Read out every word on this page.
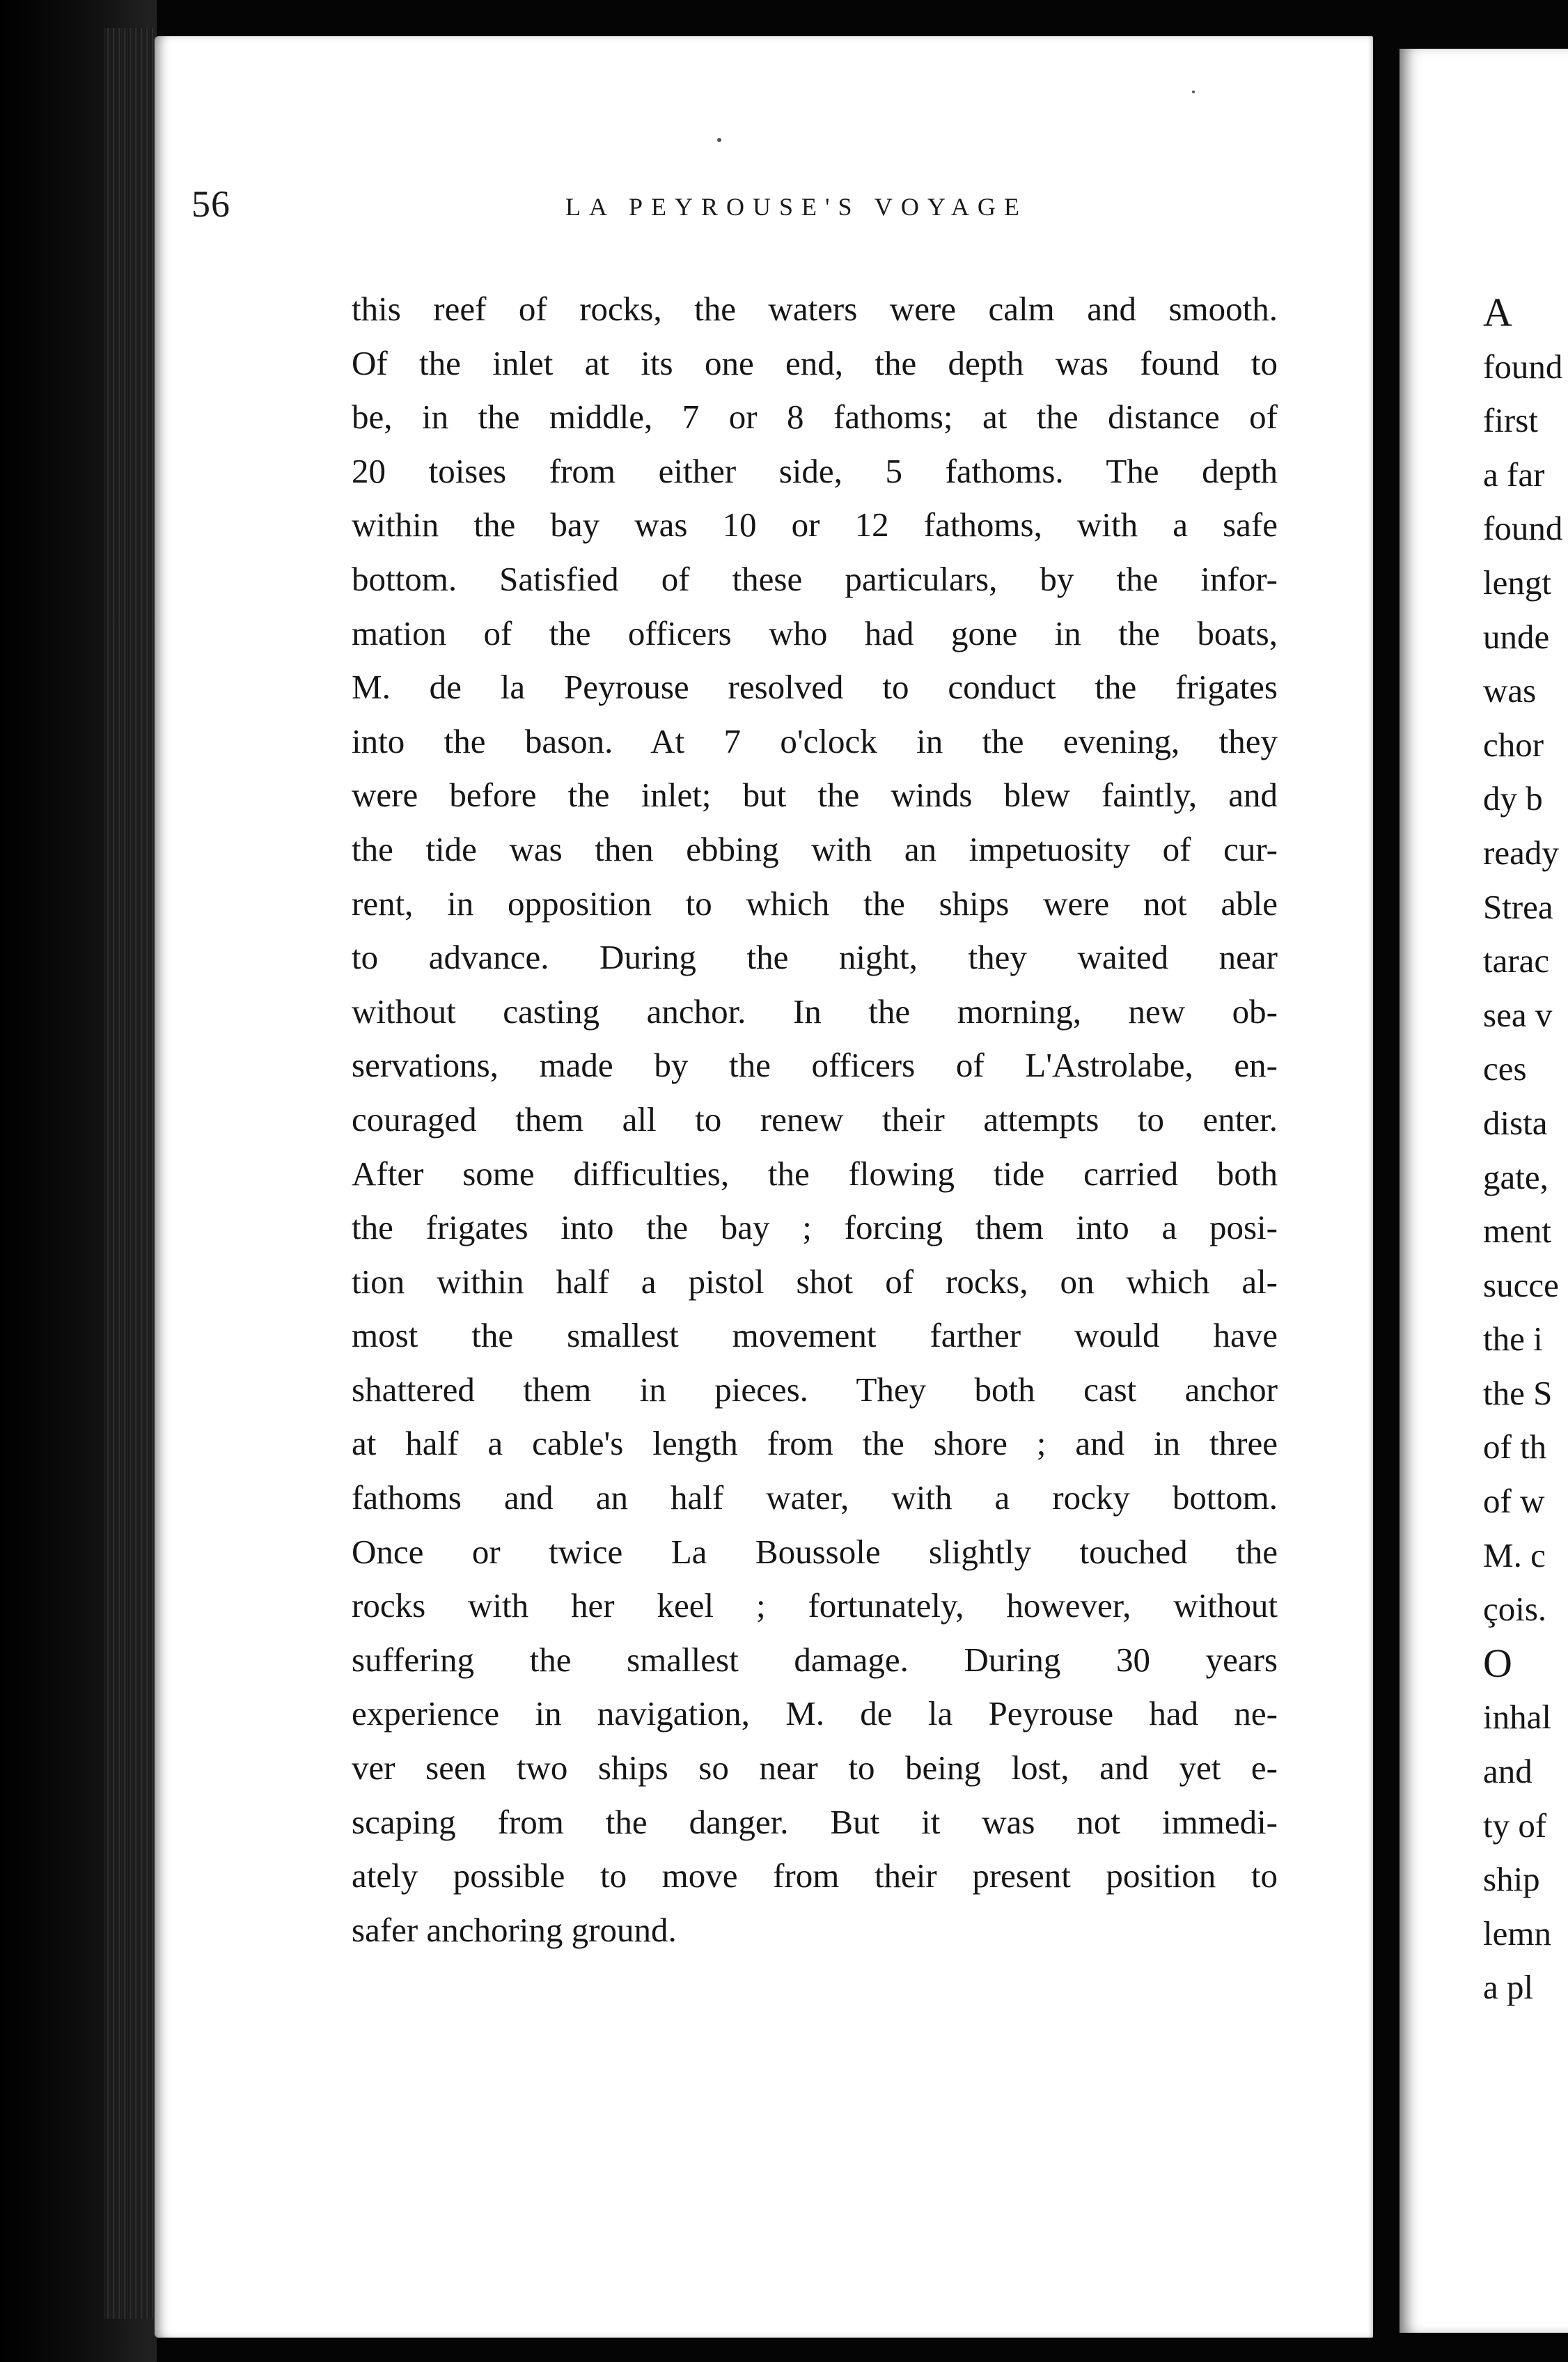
56	LA PEYROUSE'S VOYAGE
this reef of rocks, the waters were calm and smooth.
Of the inlet at its one end, the depth was found to
be, in the middle, 7 or 8 fathoms; at the distance of
20 toises from either side, 5 fathoms. The depth
within the bay was 10 or 12 fathoms, with a safe
bottom. Satisfied of these particulars, by the infor-
mation of the officers who had gone in the boats,
M. de la Peyrouse resolved to conduct the frigates
into the bason. At 7 o'clock in the evening, they
were before the inlet; but the winds blew faintly, and
the tide was then ebbing with an impetuosity of cur-
rent, in opposition to which the ships were not able
to advance. During the night, they waited near
without casting anchor. In the morning, new ob-
servations, made by the officers of L'Astrolabe, en-
couraged them all to renew their attempts to enter.
After some difficulties, the flowing tide carried both
the frigates into the bay ; forcing them into a posi-
tion within half a pistol shot of rocks, on which al-
most the smallest movement farther would have
shattered them in pieces. They both cast anchor
at half a cable's length from the shore ; and in three
fathoms and an half water, with a rocky bottom.
Once or twice La Boussole slightly touched the
rocks with her keel ; fortunately, however, without
suffering the smallest damage. During 30 years
experience in navigation, M. de la Peyrouse had ne-
ver seen two ships so near to being lost, and yet e-
scaping from the danger. But it was not immedi-
ately possible to move from their present position to
safer anchoring ground.
A
found
first
a far
found
lengt
unde
was
chor
dy b
ready
Strea
tarac
sea v
ces
dista
gate,
ment
succe
the i
the S
of th
of w
M. c
çois.
O
inhal
and
ty of
ship
lemn
a pl
